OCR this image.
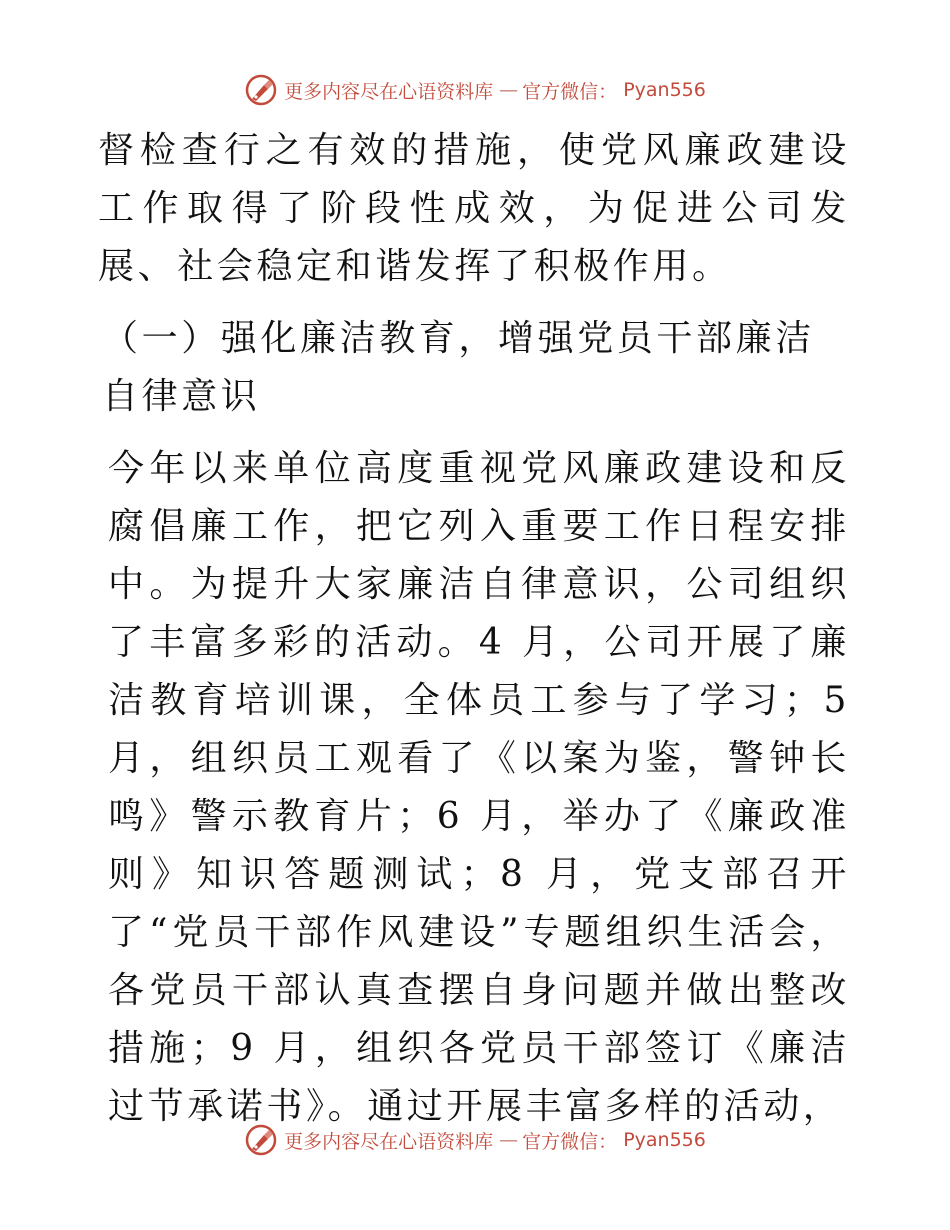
更多内容尽在心语资料库 — 官方微信： Pyan556

督检查行之有效的措施，使党风廉政建设工作取得了阶段性成效，为促进公司发展、社会稳定和谐发挥了积极作用。

（一）强化廉洁教育，增强党员干部廉洁自律意识

今年以来单位高度重视党风廉政建设和反腐倡廉工作，把它列入重要工作日程安排中。为提升大家廉洁自律意识，公司组织了丰富多彩的活动。4 月，公司开展了廉洁教育培训课，全体员工参与了学习；5 月，组织员工观看了《以案为鉴，警钟长鸣》警示教育片；6 月，举办了《廉政准则》知识答题测试；8 月，党支部召开了“党员干部作风建设”专题组织生活会，各党员干部认真查摆自身问题并做出整改措施；9 月，组织各党员干部签订《廉洁过节承诺书》。通过开展丰富多样的活动，

更多内容尽在心语资料库 — 官方微信： Pyan556
